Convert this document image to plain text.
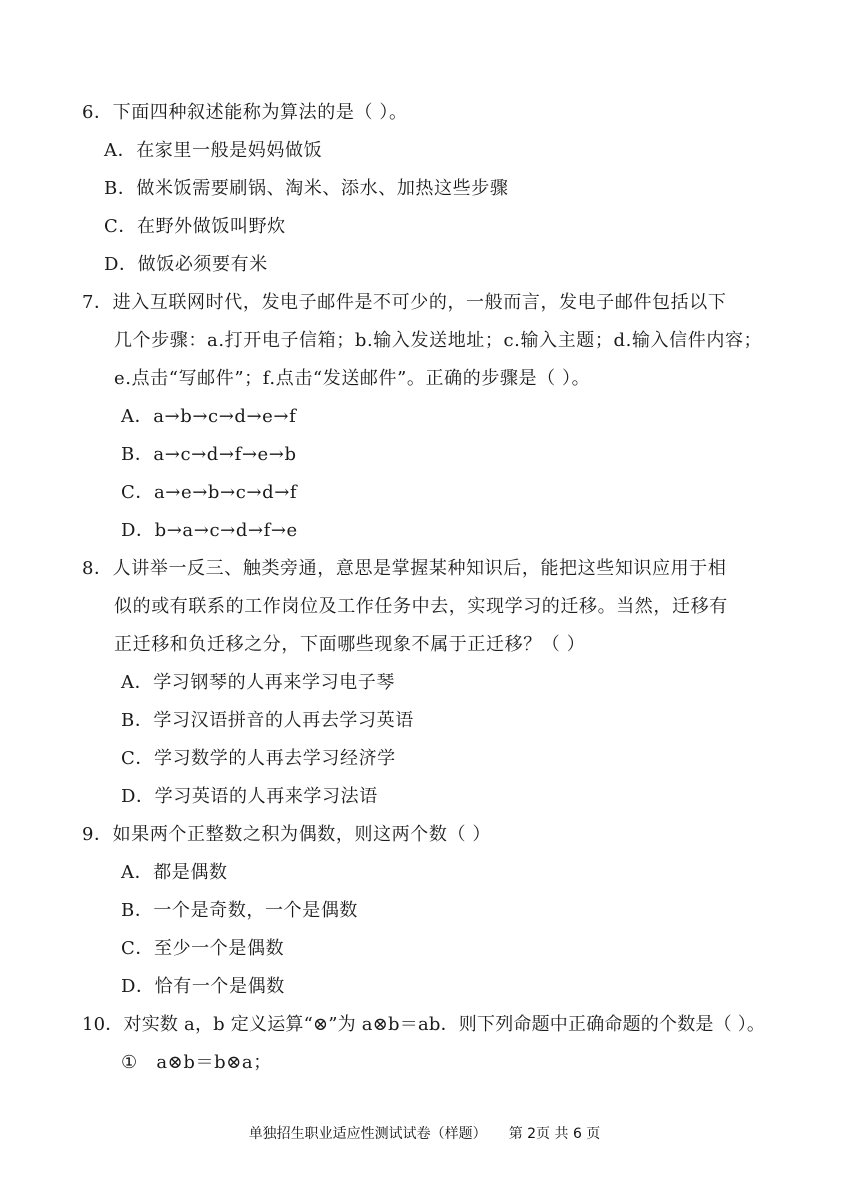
6．下面四种叙述能称为算法的是（ ）。
A．在家里一般是妈妈做饭
B．做米饭需要刷锅、淘米、添水、加热这些步骤
C．在野外做饭叫野炊
D．做饭必须要有米
7．进入互联网时代，发电子邮件是不可少的，一般而言，发电子邮件包括以下
几个步骤：a.打开电子信箱；b.输入发送地址；c.输入主题；d.输入信件内容；
e.点击“写邮件”；f.点击“发送邮件”。正确的步骤是（ ）。
A．a→b→c→d→e→f
B．a→c→d→f→e→b
C．a→e→b→c→d→f
D．b→a→c→d→f→e
8．人讲举一反三、触类旁通，意思是掌握某种知识后，能把这些知识应用于相
似的或有联系的工作岗位及工作任务中去，实现学习的迁移。当然，迁移有
正迁移和负迁移之分，下面哪些现象不属于正迁移？（ ）
A．学习钢琴的人再来学习电子琴
B．学习汉语拼音的人再去学习英语
C．学习数学的人再去学习经济学
D．学习英语的人再来学习法语
9．如果两个正整数之积为偶数，则这两个数（ ）
A．都是偶数
B．一个是奇数，一个是偶数
C．至少一个是偶数
D．恰有一个是偶数
10．对实数 a，b 定义运算“⊗”为 a⊗b＝ab．则下列命题中正确命题的个数是（ ）。
①　a⊗b＝b⊗a；
单独招生职业适应性测试试卷（样题） 第 2页 共 6 页
